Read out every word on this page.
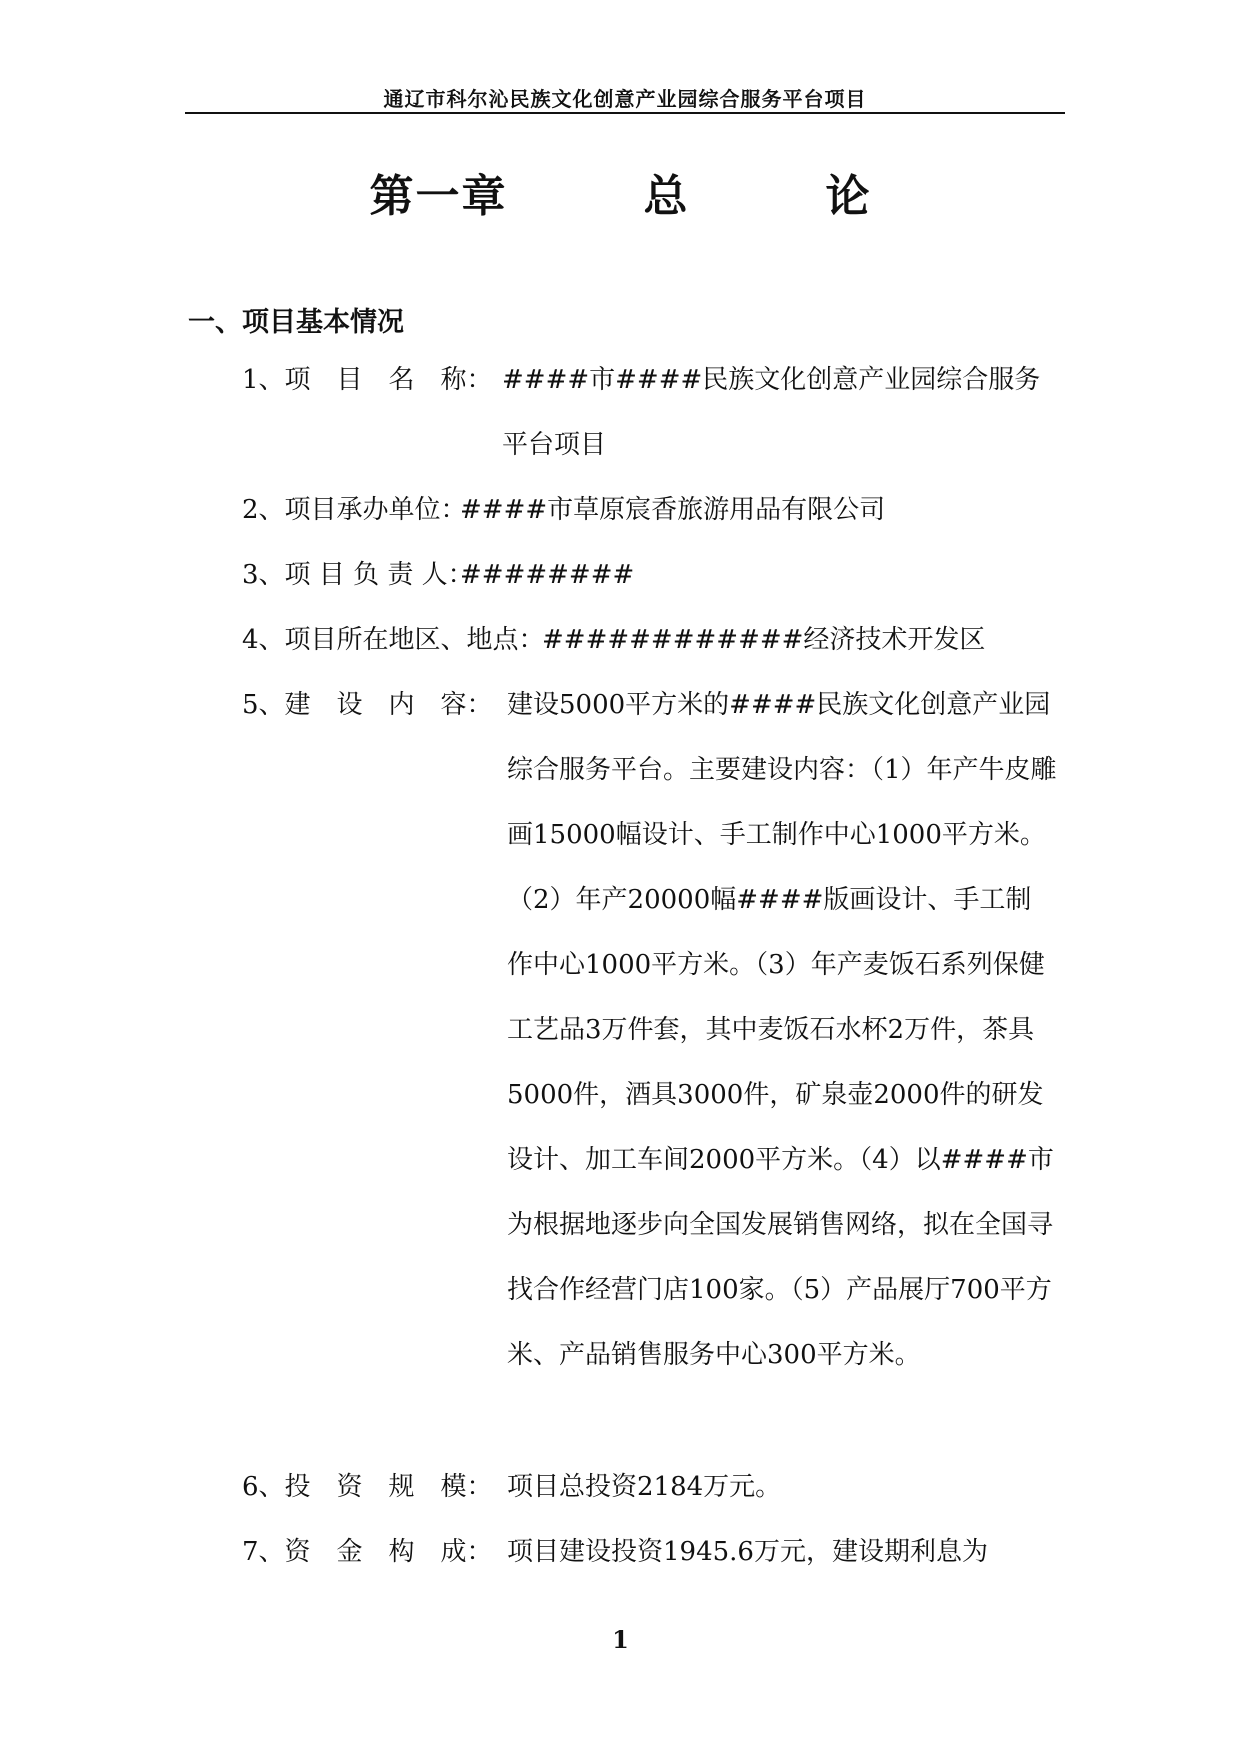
通辽市科尔沁民族文化创意产业园综合服务平台项目
第一章   总   论
一、项目基本情况
1、项　目　名　称： ####市####民族文化创意产业园综合服务平台项目
2、项目承办单位：
####市草原宸香旅游用品有限公司
3、项 目 负 责 人：
########
4、项目所在地区、地点：
############经济技术开发区
5、建　设　内　容： 建设5000平方米的####民族文化创意产业园综合服务平台。主要建设内容：（1）年产牛皮雕画15000幅设计、手工制作中心1000平方米。（2）年产20000幅####版画设计、手工制作中心1000平方米。（3）年产麦饭石系列保健工艺品3万件套，其中麦饭石水杯2万件，茶具5000件，酒具3000件，矿泉壶2000件的研发设计、加工车间2000平方米。（4）以####市为根据地逐步向全国发展销售网络，拟在全国寻找合作经营门店100家。（5）产品展厅700平方米、产品销售服务中心300平方米。
6、投　资　规　模： 项目总投资2184万元。
7、资　金　构　成： 项目建设投资1945.6万元，建设期利息为
1
